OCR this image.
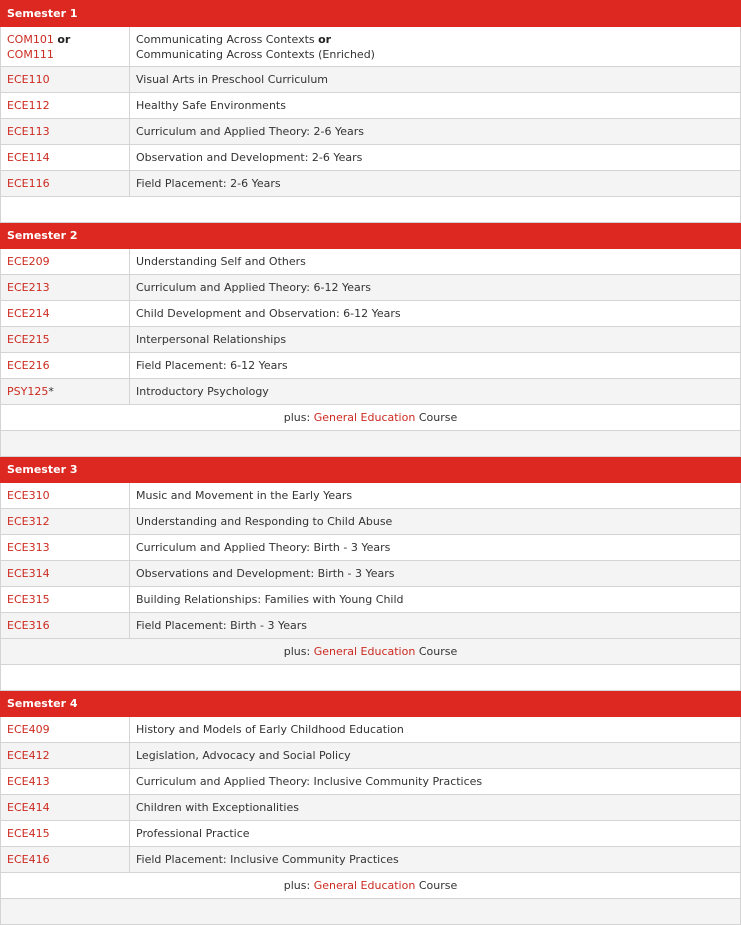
Semester 1	
COM101 or
COM111	Communicating Across Contexts or
Communicating Across Contexts (Enriched)
ECE110	Visual Arts in Preschool Curriculum
ECE112	Healthy Safe Environments
ECE113	Curriculum and Applied Theory: 2-6 Years
ECE114	Observation and Development: 2-6 Years
ECE116	Field Placement: 2-6 Years

Semester 2	
ECE209	Understanding Self and Others
ECE213	Curriculum and Applied Theory: 6-12 Years
ECE214	Child Development and Observation: 6-12 Years
ECE215	Interpersonal Relationships
ECE216	Field Placement: 6-12 Years
PSY125*	Introductory Psychology
plus: General Education Course	

Semester 3	
ECE310	Music and Movement in the Early Years
ECE312	Understanding and Responding to Child Abuse
ECE313	Curriculum and Applied Theory: Birth - 3 Years
ECE314	Observations and Development: Birth - 3 Years
ECE315	Building Relationships: Families with Young Child
ECE316	Field Placement: Birth - 3 Years
plus: General Education Course	

Semester 4	
ECE409	History and Models of Early Childhood Education
ECE412	Legislation, Advocacy and Social Policy
ECE413	Curriculum and Applied Theory: Inclusive Community Practices
ECE414	Children with Exceptionalities
ECE415	Professional Practice
ECE416	Field Placement: Inclusive Community Practices
plus: General Education Course	
